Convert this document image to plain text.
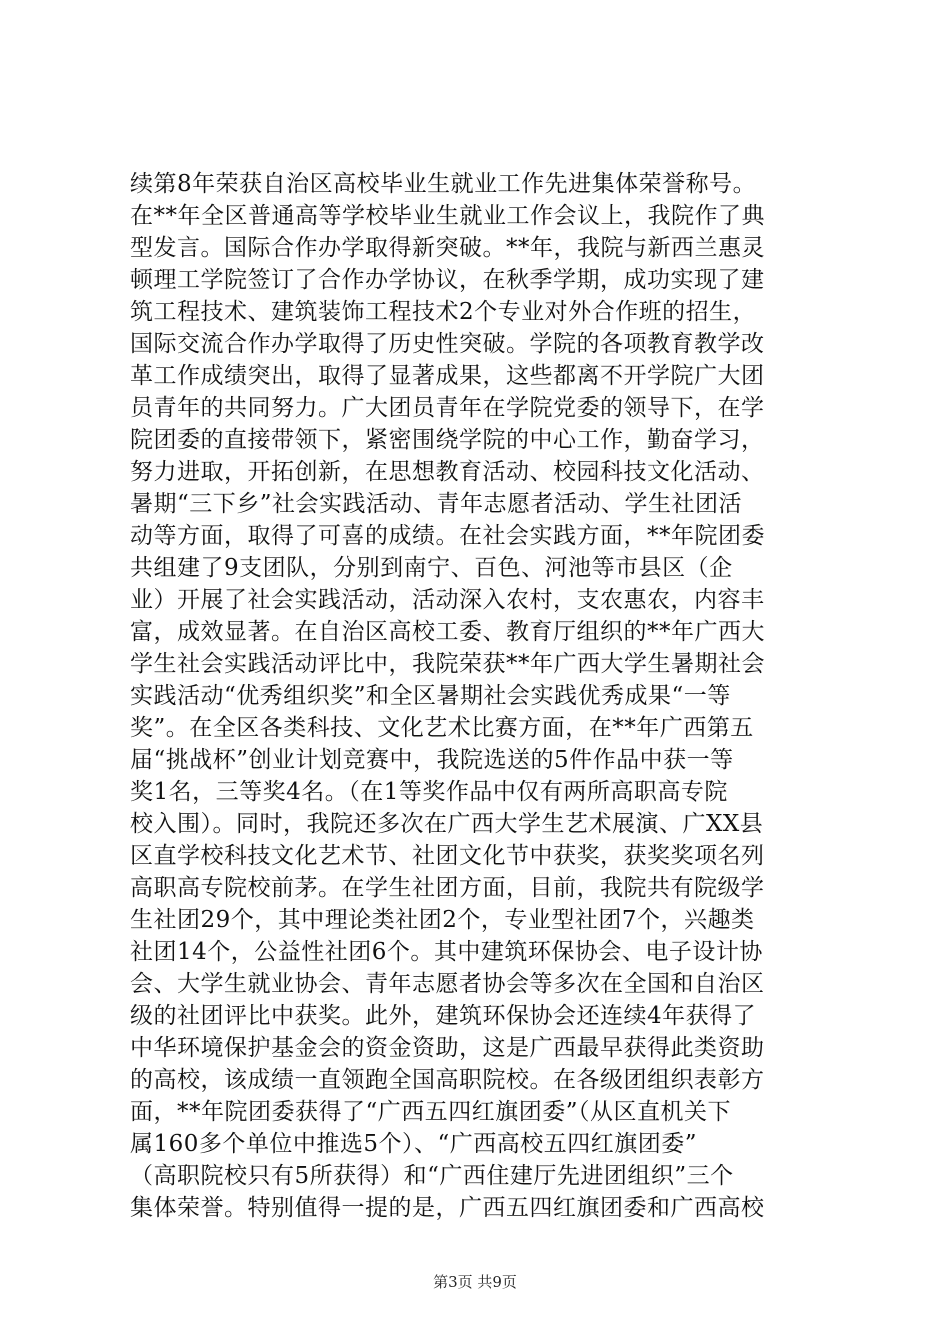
续第8年荣获自治区高校毕业生就业工作先进集体荣誉称号。
在**年全区普通高等学校毕业生就业工作会议上，我院作了典
型发言。国际合作办学取得新突破。**年，我院与新西兰惠灵
顿理工学院签订了合作办学协议，在秋季学期，成功实现了建
筑工程技术、建筑装饰工程技术2个专业对外合作班的招生，
国际交流合作办学取得了历史性突破。学院的各项教育教学改
革工作成绩突出，取得了显著成果，这些都离不开学院广大团
员青年的共同努力。广大团员青年在学院党委的领导下，在学
院团委的直接带领下，紧密围绕学院的中心工作，勤奋学习，
努力进取，开拓创新，在思想教育活动、校园科技文化活动、
暑期“三下乡”社会实践活动、青年志愿者活动、学生社团活
动等方面，取得了可喜的成绩。在社会实践方面，**年院团委
共组建了9支团队，分别到南宁、百色、河池等市县区（企
业）开展了社会实践活动，活动深入农村，支农惠农，内容丰
富，成效显著。在自治区高校工委、教育厅组织的**年广西大
学生社会实践活动评比中，我院荣获**年广西大学生暑期社会
实践活动“优秀组织奖”和全区暑期社会实践优秀成果“一等
奖”。在全区各类科技、文化艺术比赛方面，在**年广西第五
届“挑战杯”创业计划竞赛中，我院选送的5件作品中获一等
奖1名，三等奖4名。（在1等奖作品中仅有两所高职高专院
校入围）。同时，我院还多次在广西大学生艺术展演、广XX县
区直学校科技文化艺术节、社团文化节中获奖，获奖奖项名列
高职高专院校前茅。在学生社团方面，目前，我院共有院级学
生社团29个，其中理论类社团2个，专业型社团7个，兴趣类
社团14个，公益性社团6个。其中建筑环保协会、电子设计协
会、大学生就业协会、青年志愿者协会等多次在全国和自治区
级的社团评比中获奖。此外，建筑环保协会还连续4年获得了
中华环境保护基金会的资金资助，这是广西最早获得此类资助
的高校，该成绩一直领跑全国高职院校。在各级团组织表彰方
面，**年院团委获得了“广西五四红旗团委”（从区直机关下
属160多个单位中推选5个）、“广西高校五四红旗团委”
（高职院校只有5所获得）和“广西住建厅先进团组织”三个
集体荣誉。特别值得一提的是，广西五四红旗团委和广西高校
第3页 共9页
